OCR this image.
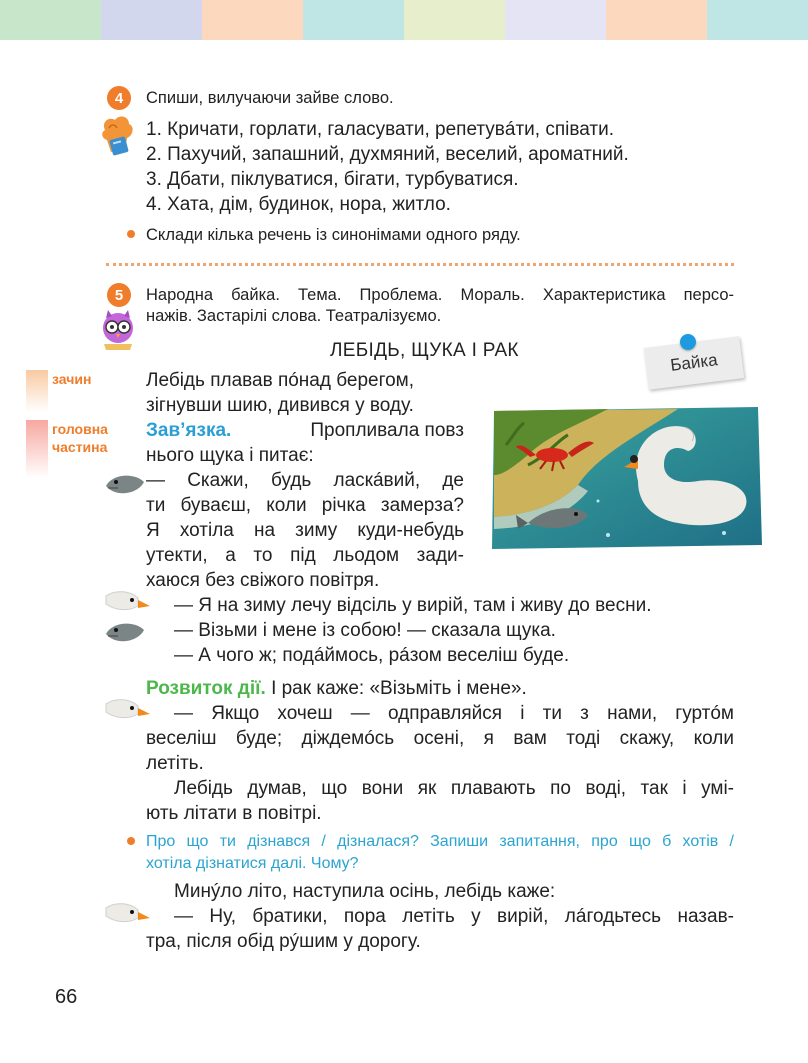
4	Спиши, вилучаючи зайве слово.
1. Кричати, горлати, галасувати, репетувáти, співати.
2. Пахучий, запашний, духмяний, веселий, ароматний.
3. Дбати, піклуватися, бігати, турбуватися.
4. Хата, дім, будинок, нора, житло.
Склади кілька речень із синонімами одного ряду.
5	Народна байка. Тема. Проблема. Мораль. Характеристика персо-
нажів. Застарілі слова. Театралізуємо.
ЛЕБІДЬ, ЩУКА І РАК	Байка
зачин
головна
частина
Лебідь плавав пóнад берегом,
зігнувши шию, дивився у воду.
Зав’язка.	Пропливала повз
нього щука і питає:
— Скажи, будь ласкáвий, де
ти буваєш, коли річка замерза?
Я хотіла на зиму куди-небудь
утекти, а то під льодом зади-
хаюся без свіжого повітря.
— Я на зиму лечу відсіль у вирій, там і живу до весни.
— Візьми і мене із собою! — сказала щука.
— А чого ж; подáймось, рáзом веселіш буде.
Розвиток дії. І рак каже: «Візьміть і мене».
— Якщо хочеш — одправляйся і ти з нами, гуртóм
веселіш буде; діждемóсь осені, я вам тоді скажу, коли
летіть.
Лебідь думав, що вони як плавають по воді, так і умі-
ють літати в повітрі.
Про що ти дізнався / дізналася? Запиши запитання, про що б хотів /
хотіла дізнатися далі. Чому?
Минýло літо, наступила осінь, лебідь каже:
— Ну, братики, пора летіть у вирій, лáгодьтесь назав-
тра, після обід рýшим у дорогу.
66
